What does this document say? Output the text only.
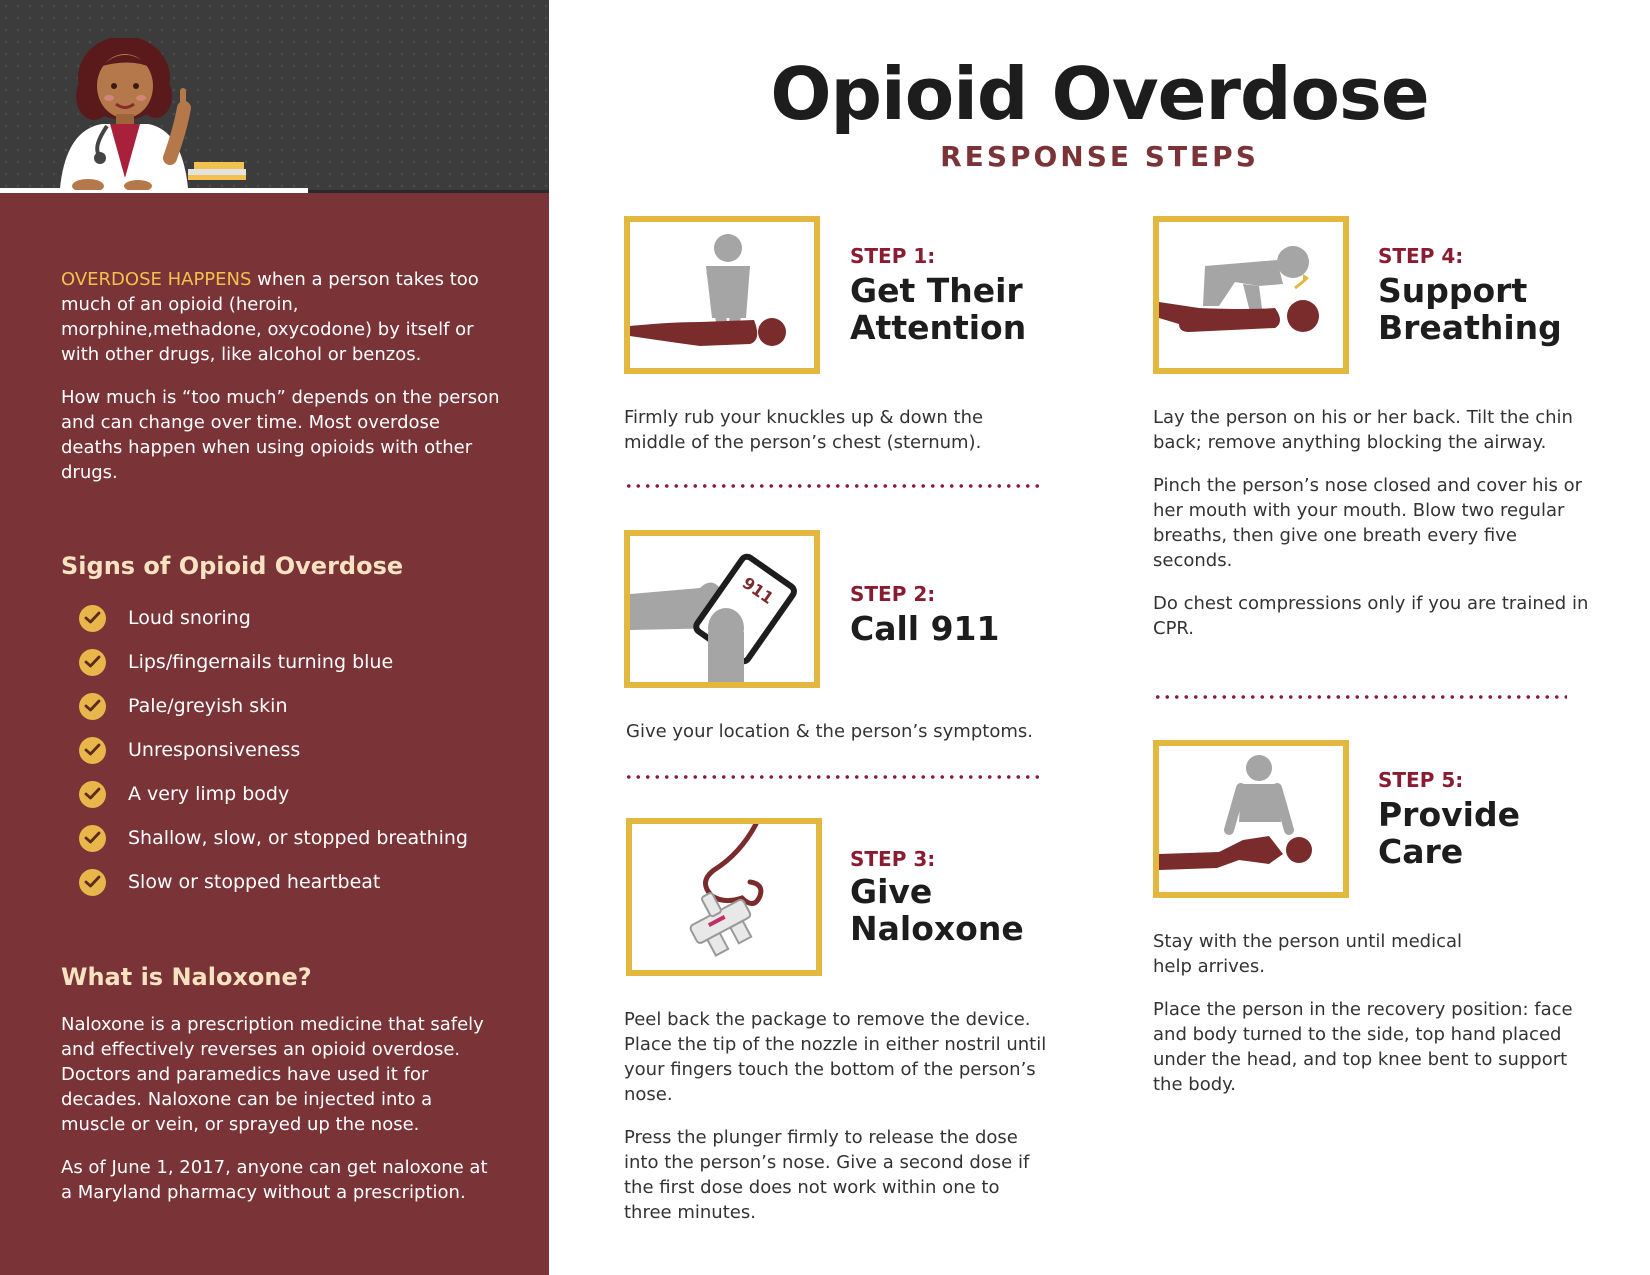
OVERDOSE HAPPENS when a person takes too much of an opioid (heroin, morphine,methadone, oxycodone) by itself or with other drugs, like alcohol or benzos.

How much is “too much” depends on the person and can change over time. Most overdose deaths happen when using opioids with other drugs.

Signs of Opioid Overdose
Loud snoring
Lips/fingernails turning blue
Pale/greyish skin
Unresponsiveness
A very limp body
Shallow, slow, or stopped breathing
Slow or stopped heartbeat
What is Naloxone?

Naloxone is a prescription medicine that safely and effectively reverses an opioid overdose. Doctors and paramedics have used it for decades. Naloxone can be injected into a muscle or vein, or sprayed up the nose.

As of June 1, 2017, anyone can get naloxone at a Maryland pharmacy without a prescription.

Opioid Overdose
RESPONSE STEPS
STEP 1:
Get Their
Attention

Firmly rub your knuckles up & down the middle of the person’s chest (sternum).

911	STEP 2:
Call 911

Give your location & the person’s symptoms.

STEP 3:
Give
Naloxone

Peel back the package to remove the device. Place the tip of the nozzle in either nostril until your fingers touch the bottom of the person’s nose.

Press the plunger firmly to release the dose into the person’s nose. Give a second dose if the first dose does not work within one to three minutes.

STEP 4:
Support
Breathing

Lay the person on his or her back. Tilt the chin back; remove anything blocking the airway.

Pinch the person’s nose closed and cover his or her mouth with your mouth. Blow two regular breaths, then give one breath every five seconds.

Do chest compressions only if you are trained in CPR.

STEP 5:
Provide
Care

Stay with the person until medical help arrives.

Place the person in the recovery position: face and body turned to the side, top hand placed under the head, and top knee bent to support the body.
